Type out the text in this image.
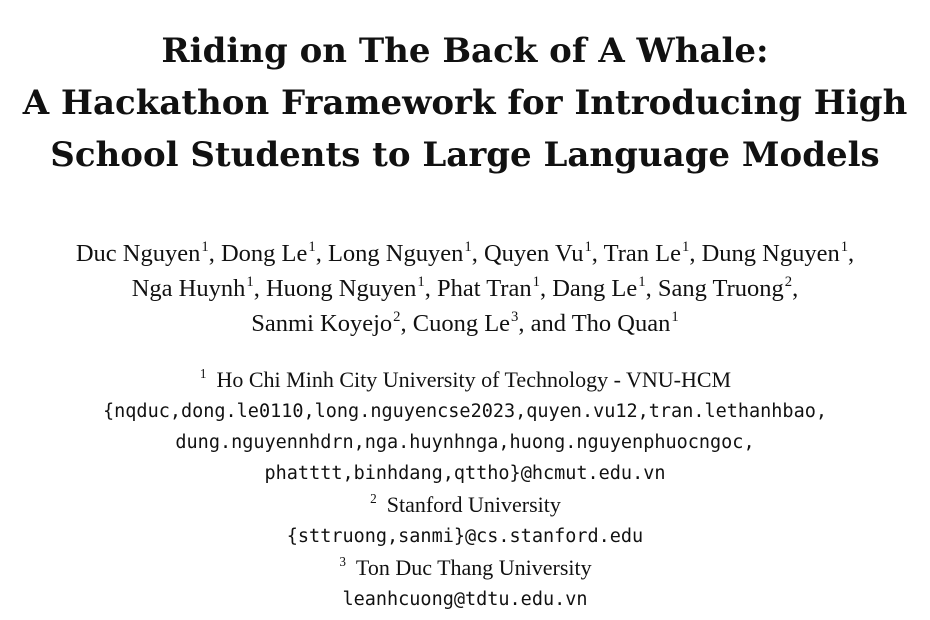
Riding on The Back of A Whale:
A Hackathon Framework for Introducing High
School Students to Large Language Models
Duc Nguyen$^1$, Dong Le$^1$, Long Nguyen$^1$, Quyen Vu$^1$, Tran Le$^1$, Dung Nguyen$^1$,
Nga Huynh$^1$, Huong Nguyen$^1$, Phat Tran$^1$, Dang Le$^1$, Sang Truong$^2$,
Sanmi Koyejo$^2$, Cuong Le$^3$, and Tho Quan$^1$
$^1$ Ho Chi Minh City University of Technology - VNU-HCM
{nqduc,dong.le0110,long.nguyencse2023,quyen.vu12,tran.lethanhbao,
dung.nguyennhdrn,nga.huynhnga,huong.nguyenphuocngoc,
phatttt,binhdang,qttho}@hcmut.edu.vn
$^2$ Stanford University
{sttruong,sanmi}@cs.stanford.edu
$^3$ Ton Duc Thang University
leanhcuong@tdtu.edu.vn
